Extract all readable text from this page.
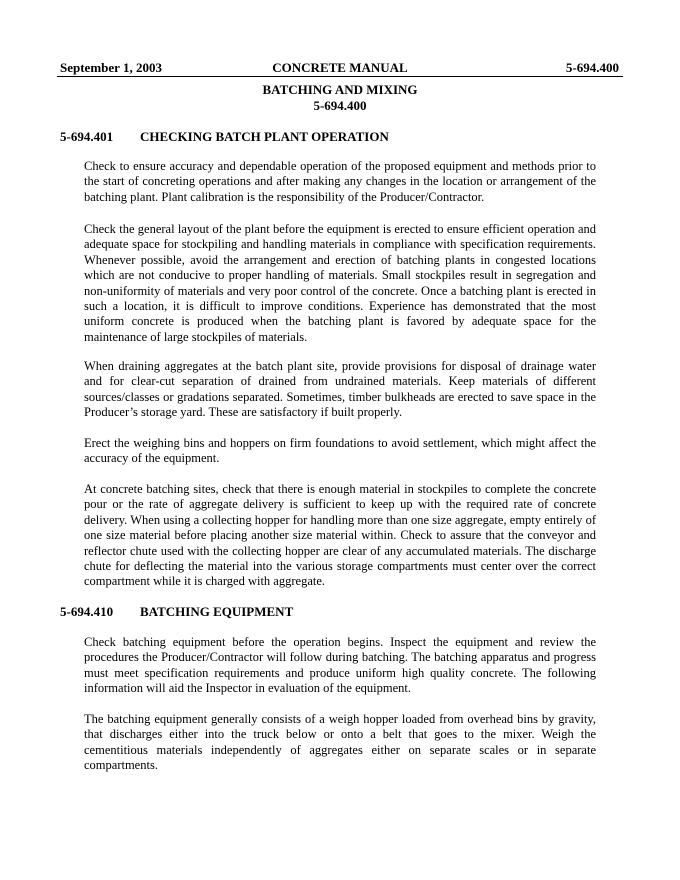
CONCRETE MANUAL
September 1, 2003	5-694.400
BATCHING AND MIXING
5-694.400
5-694.401 CHECKING BATCH PLANT OPERATION

Check to ensure accuracy and dependable operation of the proposed equipment and methods prior to the start of concreting operations and after making any changes in the location or arrangement of the batching plant. Plant calibration is the responsibility of the Producer/Contractor.

Check the general layout of the plant before the equipment is erected to ensure efficient operation and adequate space for stockpiling and handling materials in compliance with specification requirements. Whenever possible, avoid the arrangement and erection of batching plants in congested locations which are not conducive to proper handling of materials. Small stockpiles result in segregation and non-uniformity of materials and very poor control of the concrete. Once a batching plant is erected in such a location, it is difficult to improve conditions. Experience has demonstrated that the most uniform concrete is produced when the batching plant is favored by adequate space for the maintenance of large stockpiles of materials.

When draining aggregates at the batch plant site, provide provisions for disposal of drainage water and for clear-cut separation of drained from undrained materials. Keep materials of different sources/classes or gradations separated. Sometimes, timber bulkheads are erected to save space in the Producer’s storage yard. These are satisfactory if built properly.

Erect the weighing bins and hoppers on firm foundations to avoid settlement, which might affect the accuracy of the equipment.

At concrete batching sites, check that there is enough material in stockpiles to complete the concrete pour or the rate of aggregate delivery is sufficient to keep up with the required rate of concrete delivery. When using a collecting hopper for handling more than one size aggregate, empty entirely of one size material before placing another size material within. Check to assure that the conveyor and reflector chute used with the collecting hopper are clear of any accumulated materials. The discharge chute for deflecting the material into the various storage compartments must center over the correct compartment while it is charged with aggregate.

5-694.410 BATCHING EQUIPMENT

Check batching equipment before the operation begins. Inspect the equipment and review the procedures the Producer/Contractor will follow during batching. The batching apparatus and progress must meet specification requirements and produce uniform high quality concrete. The following information will aid the Inspector in evaluation of the equipment.

The batching equipment generally consists of a weigh hopper loaded from overhead bins by gravity, that discharges either into the truck below or onto a belt that goes to the mixer. Weigh the cementitious materials independently of aggregates either on separate scales or in separate compartments.
